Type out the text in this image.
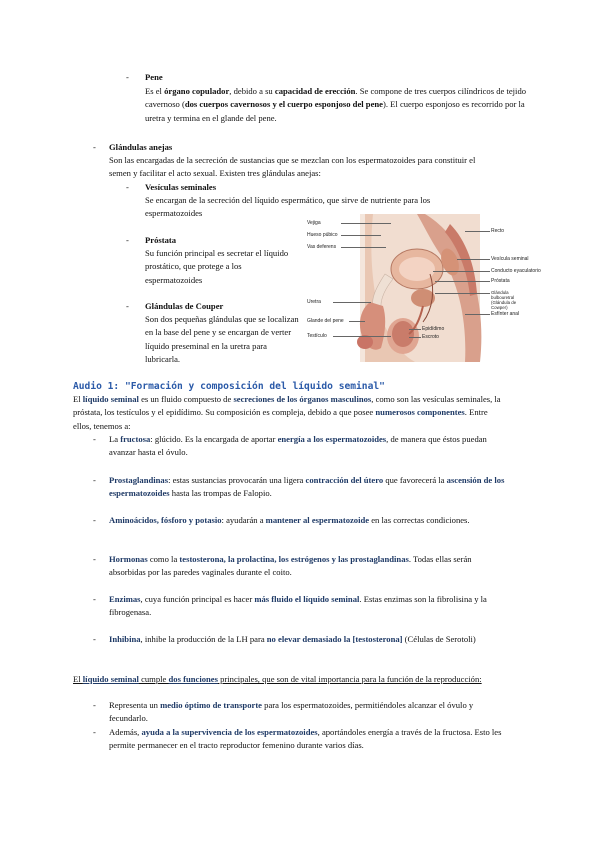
- Pene

Es el órgano copulador, debido a su capacidad de erección. Se compone de tres cuerpos cilíndricos de tejido cavernoso (dos cuerpos cavernosos y el cuerpo esponjoso del pene). El cuerpo esponjoso es recorrido por la uretra y termina en el glande del pene.

- Glándulas anejas

Son las encargadas de la secreción de sustancias que se mezclan con los espermatozoides para constituir el semen y facilitar el acto sexual. Existen tres glándulas anejas:

- Vesículas seminales

Se encargan de la secreción del líquido espermático, que sirve de nutriente para los espermatozoides

- Próstata

Su función principal es secretar el líquido prostático, que protege a los espermatozoides

- Glándulas de Couper

Son dos pequeñas glándulas que se localizan en la base del pene y se encargan de verter líquido preseminal en la uretra para lubricarla.

Vejiga
Hueso púbico
Vas deferens
Uretra
Glande del pene
Testículo
Recto
Vesícula seminal
Conducto eyaculatorio
Próstata
Glándula bulbouretral (Glándula de Cowper)
Esfínter anal
Epidídimo
Escroto

Audio 1: "Formación y composición del líquido seminal"

El líquido seminal es un fluido compuesto de secreciones de los órganos masculinos, como son las vesículas seminales, la próstata, los testículos y el epidídimo. Su composición es compleja, debido a que posee numerosos componentes. Entre ellos, tenemos a:

- La fructosa: glúcido. Es la encargada de aportar energía a los espermatozoides, de manera que éstos puedan avanzar hasta el óvulo.

- Prostaglandinas: estas sustancias provocarán una ligera contracción del útero que favorecerá la ascensión de los espermatozoides hasta las trompas de Falopio.

- Aminoácidos, fósforo y potasio: ayudarán a mantener al espermatozoide en las correctas condiciones.

- Hormonas como la testosterona, la prolactina, los estrógenos y las prostaglandinas. Todas ellas serán absorbidas por las paredes vaginales durante el coito.

- Enzimas, cuya función principal es hacer más fluido el líquido seminal. Estas enzimas son la fibrolisina y la fibrogenasa.

- Inhibina, inhibe la producción de la LH para no elevar demasiado la [testosterona] (Células de Serotoli)

El líquido seminal cumple dos funciones principales, que son de vital importancia para la función de la reproducción:

- Representa un medio óptimo de transporte para los espermatozoides, permitiéndoles alcanzar el óvulo y fecundarlo.

- Además, ayuda a la supervivencia de los espermatozoides, aportándoles energía a través de la fructosa. Esto les permite permanecer en el tracto reproductor femenino durante varios días.
